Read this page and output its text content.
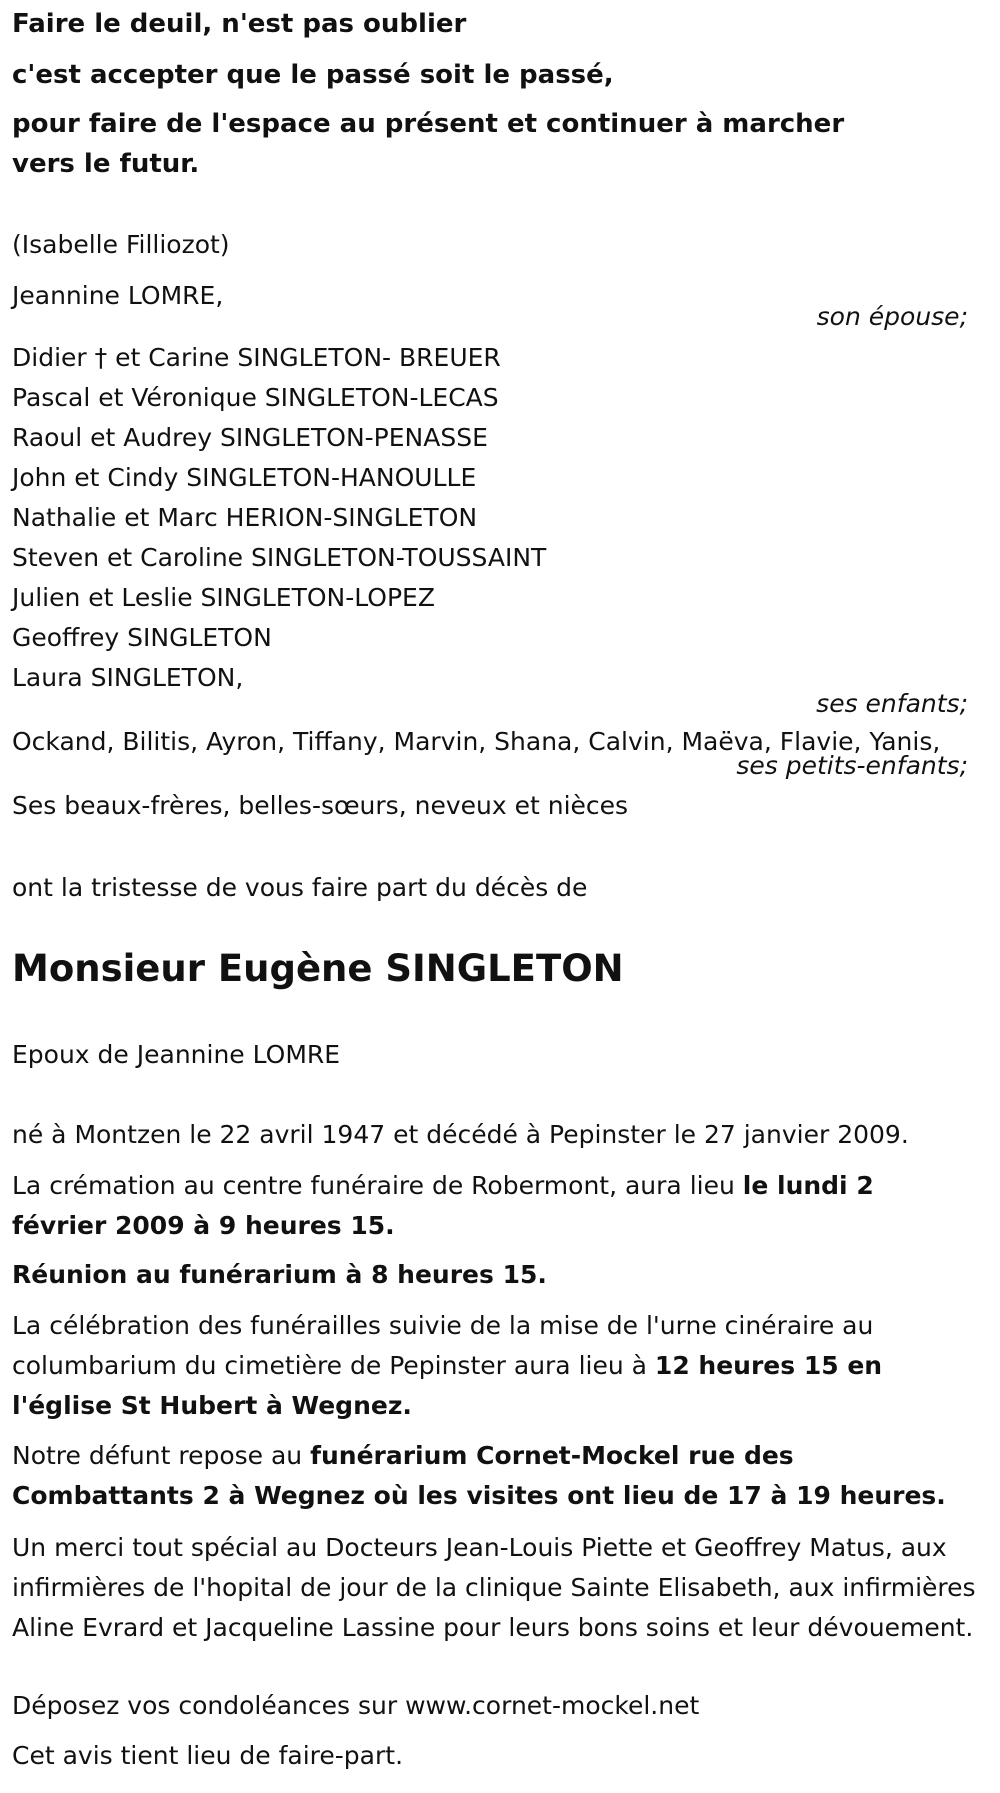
Faire le deuil, n'est pas oublier

c'est accepter que le passé soit le passé,

pour faire de l'espace au présent et continuer à marcher vers le futur.

(Isabelle Filliozot)

Jeannine LOMRE,

son épouse;

Didier † et Carine SINGLETON- BREUER

Pascal et Véronique SINGLETON-LECAS

Raoul et Audrey SINGLETON-PENASSE

John et Cindy SINGLETON-HANOULLE

Nathalie et Marc HERION-SINGLETON

Steven et Caroline SINGLETON-TOUSSAINT

Julien et Leslie SINGLETON-LOPEZ

Geoffrey SINGLETON

Laura SINGLETON,

ses enfants;

Ockand, Bilitis, Ayron, Tiffany, Marvin, Shana, Calvin, Maëva, Flavie, Yanis,

ses petits-enfants;

Ses beaux-frères, belles-sœurs, neveux et nièces

ont la tristesse de vous faire part du décès de

Monsieur Eugène SINGLETON

Epoux de Jeannine LOMRE

né à Montzen le 22 avril 1947 et décédé à Pepinster le 27 janvier 2009.

La crémation au centre funéraire de Robermont, aura lieu le lundi 2 février 2009 à 9 heures 15.

Réunion au funérarium à 8 heures 15.

La célébration des funérailles suivie de la mise de l'urne cinéraire au columbarium du cimetière de Pepinster aura lieu à 12 heures 15 en l'église St Hubert à Wegnez.

Notre défunt repose au funérarium Cornet-Mockel rue des Combattants 2 à Wegnez où les visites ont lieu de 17 à 19 heures.

Un merci tout spécial au Docteurs Jean-Louis Piette et Geoffrey Matus, aux infirmières de l'hopital de jour de la clinique Sainte Elisabeth, aux infirmières Aline Evrard et Jacqueline Lassine pour leurs bons soins et leur dévouement.

Déposez vos condoléances sur www.cornet-mockel.net

Cet avis tient lieu de faire-part.
